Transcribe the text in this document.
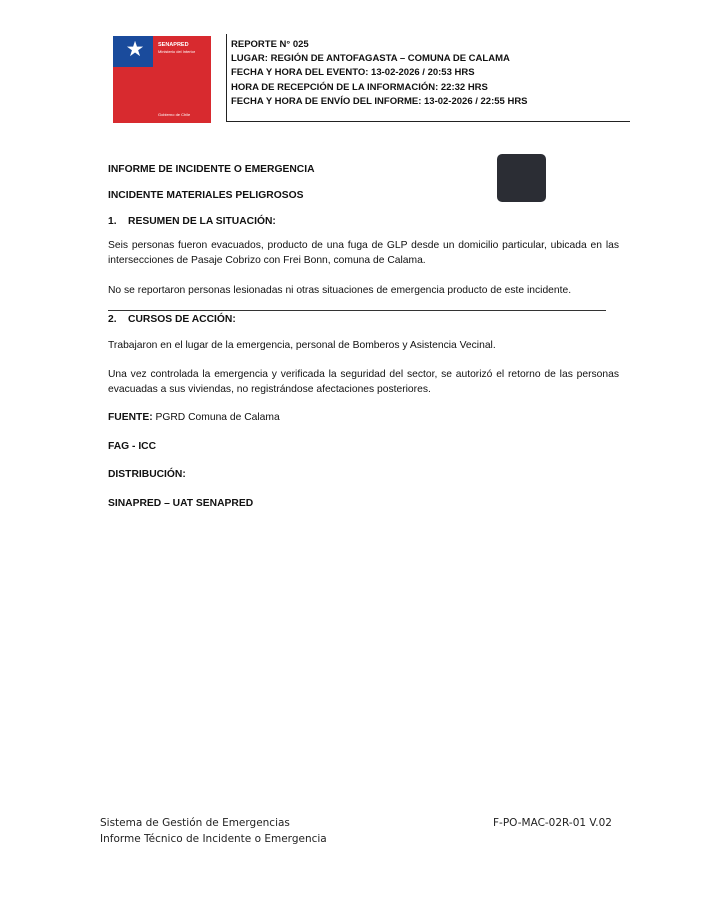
★	SENAPRED
Ministerio del Interior
Gobierno de Chile
REPORTE N° 025
LUGAR: REGIÓN DE ANTOFAGASTA – COMUNA DE CALAMA
FECHA Y HORA DEL EVENTO: 13-02-2026 / 20:53 HRS
HORA DE RECEPCIÓN DE LA INFORMACIÓN: 22:32 HRS
FECHA Y HORA DE ENVÍO DEL INFORME: 13-02-2026 / 22:55 HRS
INFORME DE INCIDENTE O EMERGENCIA
INCIDENTE MATERIALES PELIGROSOS
1.    RESUMEN DE LA SITUACIÓN:
Seis personas fueron evacuados, producto de una fuga de GLP desde un domicilio particular, ubicada en las intersecciones de Pasaje Cobrizo con Frei Bonn, comuna de Calama.
No se reportaron personas lesionadas ni otras situaciones de emergencia producto de este incidente.
2.    CURSOS DE ACCIÓN:
Trabajaron en el lugar de la emergencia, personal de Bomberos y Asistencia Vecinal.
Una vez controlada la emergencia y verificada la seguridad del sector, se autorizó el retorno de las personas evacuadas a sus viviendas, no registrándose afectaciones posteriores.
FUENTE: PGRD Comuna de Calama
FAG - ICC
DISTRIBUCIÓN:
SINAPRED – UAT SENAPRED
Sistema de Gestión de Emergencias
Informe Técnico de Incidente o Emergencia
F-PO-MAC-02R-01 V.02
